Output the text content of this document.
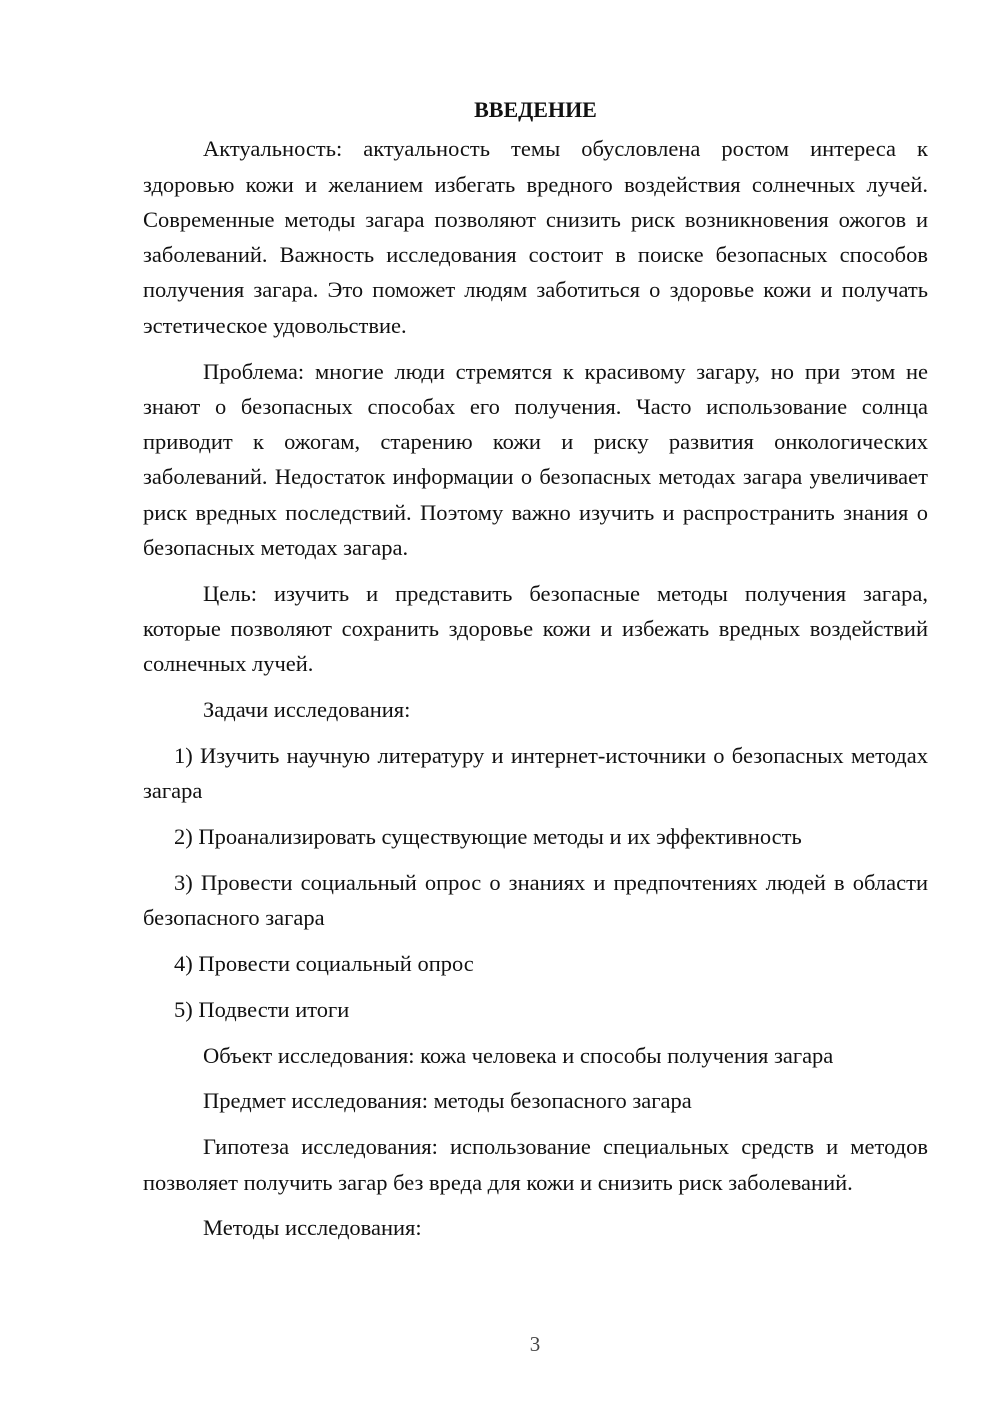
ВВЕДЕНИЕ

Актуальность: актуальность темы обусловлена ростом интереса к здоровью кожи и желанием избегать вредного воздействия солнечных лучей. Современные методы загара позволяют снизить риск возникновения ожогов и заболеваний. Важность исследования состоит в поиске безопасных способов получения загара. Это поможет людям заботиться о здоровье кожи и получать эстетическое удовольствие.

Проблема: многие люди стремятся к красивому загару, но при этом не знают о безопасных способах его получения. Часто использование солнца приводит к ожогам, старению кожи и риску развития онкологических заболеваний. Недостаток информации о безопасных методах загара увеличивает риск вредных последствий. Поэтому важно изучить и распространить знания о безопасных методах загара.

Цель: изучить и представить безопасные методы получения загара, которые позволяют сохранить здоровье кожи и избежать вредных воздействий солнечных лучей.

Задачи исследования:

1) Изучить научную литературу и интернет-источники о безопасных методах загара

2) Проанализировать существующие методы и их эффективность

3) Провести социальный опрос о знаниях и предпочтениях людей в области безопасного загара

4) Провести социальный опрос

5) Подвести итоги

Объект исследования: кожа человека и способы получения загара

Предмет исследования: методы безопасного загара

Гипотеза исследования: использование специальных средств и методов позволяет получить загар без вреда для кожи и снизить риск заболеваний.

Методы исследования:

3
